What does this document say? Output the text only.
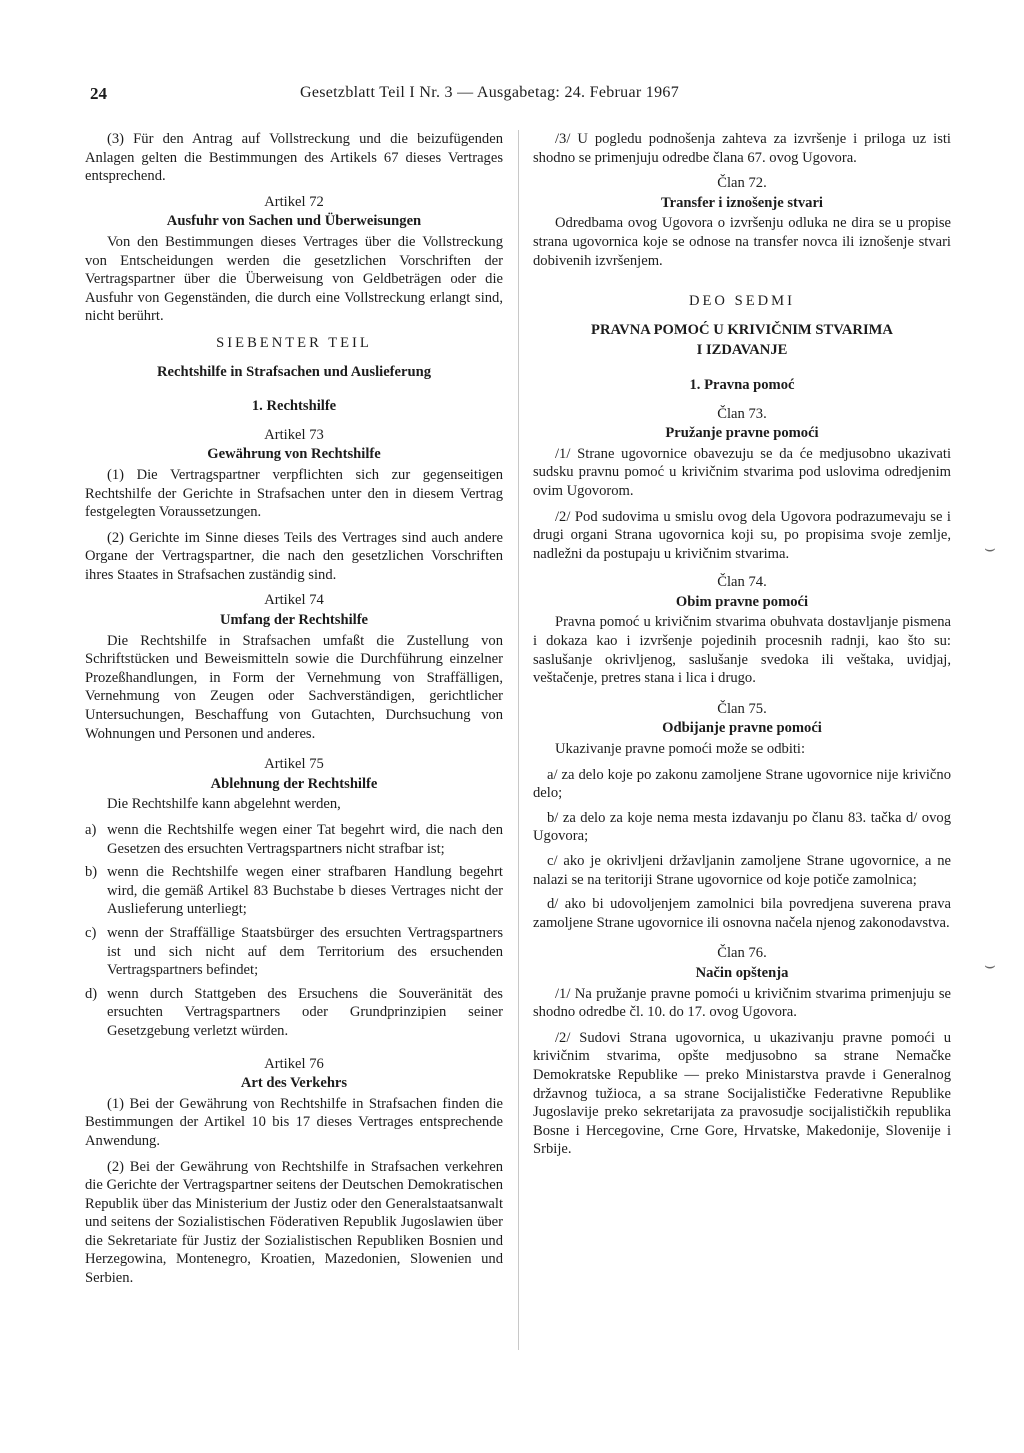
24	Gesetzblatt Teil I Nr. 3 — Ausgabetag: 24. Februar 1967

(3) Für den Antrag auf Vollstreckung und die beizufügenden Anlagen gelten die Bestimmungen des Artikels 67 dieses Vertrages entsprechend.

Artikel 72
Ausfuhr von Sachen und Überweisungen

Von den Bestimmungen dieses Vertrages über die Vollstreckung von Entscheidungen werden die gesetzlichen Vorschriften der Vertragspartner über die Überweisung von Geldbeträgen oder die Ausfuhr von Gegenständen, die durch eine Vollstreckung erlangt sind, nicht berührt.

SIEBENTER TEIL
Rechtshilfe in Strafsachen und Auslieferung
1. Rechtshilfe
Artikel 73
Gewährung von Rechtshilfe

(1) Die Vertragspartner verpflichten sich zur gegenseitigen Rechtshilfe der Gerichte in Strafsachen unter den in diesem Vertrag festgelegten Voraussetzungen.

(2) Gerichte im Sinne dieses Teils des Vertrages sind auch andere Organe der Vertragspartner, die nach den gesetzlichen Vorschriften ihres Staates in Strafsachen zuständig sind.

Artikel 74
Umfang der Rechtshilfe

Die Rechtshilfe in Strafsachen umfaßt die Zustellung von Schriftstücken und Beweismitteln sowie die Durchführung einzelner Prozeßhandlungen, in Form der Vernehmung von Straffälligen, Vernehmung von Zeugen oder Sachverständigen, gerichtlicher Untersuchungen, Beschaffung von Gutachten, Durchsuchung von Wohnungen und Personen und anderes.

Artikel 75
Ablehnung der Rechtshilfe

Die Rechtshilfe kann abgelehnt werden,

a) wenn die Rechtshilfe wegen einer Tat begehrt wird, die nach den Gesetzen des ersuchten Vertragspartners nicht strafbar ist;
b) wenn die Rechtshilfe wegen einer strafbaren Handlung begehrt wird, die gemäß Artikel 83 Buchstabe b dieses Vertrages nicht der Auslieferung unterliegt;
c) wenn der Straffällige Staatsbürger des ersuchten Vertragspartners ist und sich nicht auf dem Territorium des ersuchenden Vertragspartners befindet;
d) wenn durch Stattgeben des Ersuchens die Souveränität des ersuchten Vertragspartners oder Grundprinzipien seiner Gesetzgebung verletzt würden.
Artikel 76
Art des Verkehrs

(1) Bei der Gewährung von Rechtshilfe in Strafsachen finden die Bestimmungen der Artikel 10 bis 17 dieses Vertrages entsprechende Anwendung.

(2) Bei der Gewährung von Rechtshilfe in Strafsachen verkehren die Gerichte der Vertragspartner seitens der Deutschen Demokratischen Republik über das Ministerium der Justiz oder den Generalstaatsanwalt und seitens der Sozialistischen Föderativen Republik Jugoslawien über die Sekretariate für Justiz der Sozialistischen Republiken Bosnien und Herzegowina, Montenegro, Kroatien, Mazedonien, Slowenien und Serbien.

/3/ U pogledu podnošenja zahteva za izvršenje i priloga uz isti shodno se primenjuju odredbe člana 67. ovog Ugovora.

Član 72.
Transfer i iznošenje stvari

Odredbama ovog Ugovora o izvršenju odluka ne dira se u propise strana ugovornica koje se odnose na transfer novca ili iznošenje stvari dobivenih izvršenjem.

DEO SEDMI
PRAVNA POMOĆ U KRIVIČNIM STVARIMA
I IZDAVANJE
1. Pravna pomoć
Član 73.
Pružanje pravne pomoći

/1/ Strane ugovornice obavezuju se da će medjusobno ukazivati sudsku pravnu pomoć u krivičnim stvarima pod uslovima odredjenim ovim Ugovorom.

/2/ Pod sudovima u smislu ovog dela Ugovora podrazumevaju se i drugi organi Strana ugovornica koji su, po propisima svoje zemlje, nadležni da postupaju u krivičnim stvarima.

Član 74.
Obim pravne pomoći

Pravna pomoć u krivičnim stvarima obuhvata dostavljanje pismena i dokaza kao i izvršenje pojedinih procesnih radnji, kao što su: saslušanje okrivljenog, saslušanje svedoka ili veštaka, uvidjaj, veštačenje, pretres stana i lica i drugo.

Član 75.
Odbijanje pravne pomoći

Ukazivanje pravne pomoći može se odbiti:

a/ za delo koje po zakonu zamoljene Strane ugovornice nije krivično delo;
b/ za delo za koje nema mesta izdavanju po članu 83. tačka d/ ovog Ugovora;
c/ ako je okrivljeni državljanin zamoljene Strane ugovornice, a ne nalazi se na teritoriji Strane ugovornice od koje potiče zamolnica;
d/ ako bi udovoljenjem zamolnici bila povredjena suverena prava zamoljene Strane ugovornice ili osnovna načela njenog zakonodavstva.
Član 76.
Način opštenja

/1/ Na pružanje pravne pomoći u krivičnim stvarima primenjuju se shodno odredbe čl. 10. do 17. ovog Ugovora.

/2/ Sudovi Strana ugovornica, u ukazivanju pravne pomoći u krivičnim stvarima, opšte medjusobno sa strane Nemačke Demokratske Republike — preko Ministarstva pravde i Generalnog državnog tužioca, a sa strane Socijalističke Federativne Republike Jugoslavije preko sekretarijata za pravosudje socijalističkih republika Bosne i Hercegovine, Crne Gore, Hrvatske, Makedonije, Slovenije i Srbije.

⌣
⌣
